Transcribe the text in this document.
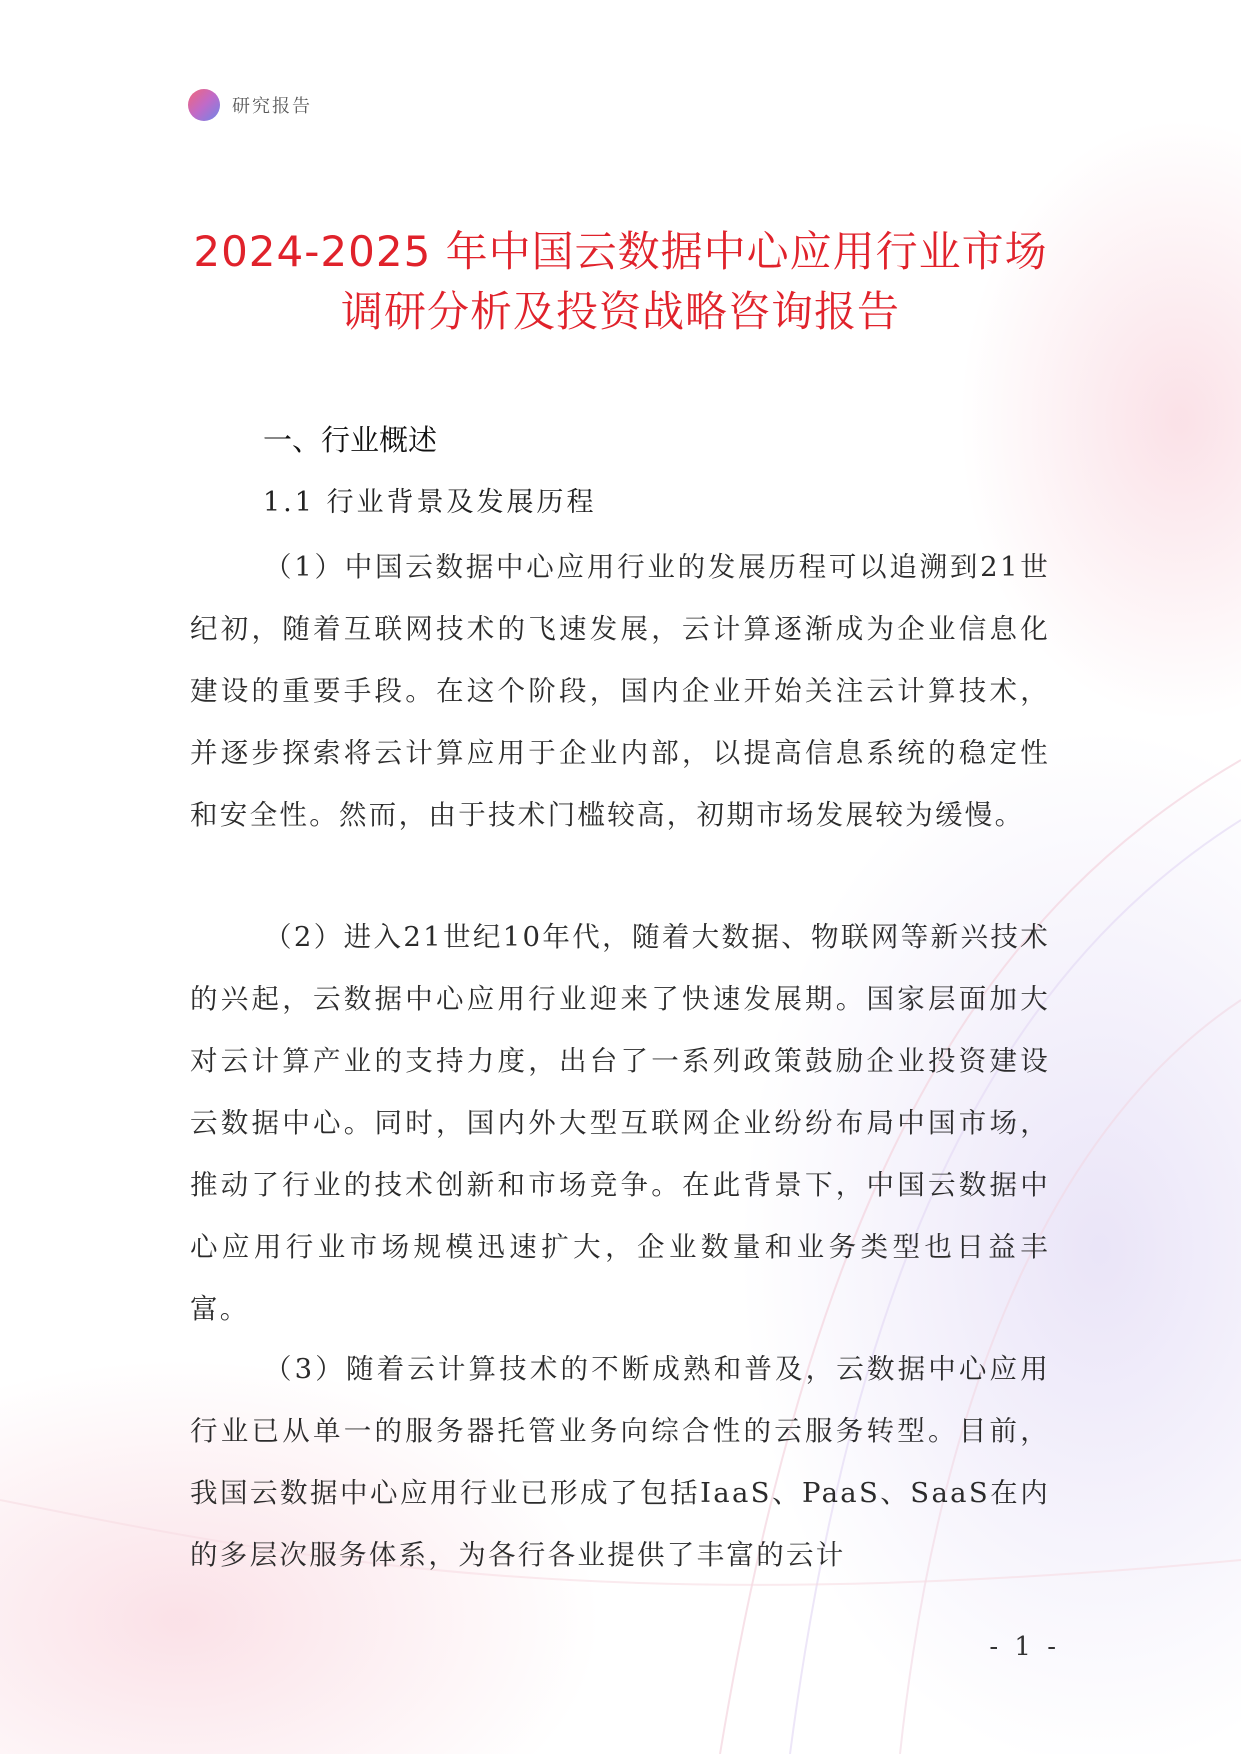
研究报告
2024-2025 年中国云数据中心应用行业市场
调研分析及投资战略咨询报告
一、行业概述
1.1 行业背景及发展历程

（1）中国云数据中心应用行业的发展历程可以追溯到21世纪初，随着互联网技术的飞速发展，云计算逐渐成为企业信息化建设的重要手段。在这个阶段，国内企业开始关注云计算技术，并逐步探索将云计算应用于企业内部，以提高信息系统的稳定性和安全性。然而，由于技术门槛较高，初期市场发展较为缓慢。

（2）进入21世纪10年代，随着大数据、物联网等新兴技术的兴起，云数据中心应用行业迎来了快速发展期。国家层面加大对云计算产业的支持力度，出台了一系列政策鼓励企业投资建设云数据中心。同时，国内外大型互联网企业纷纷布局中国市场，推动了行业的技术创新和市场竞争。在此背景下，中国云数据中心应用行业市场规模迅速扩大，企业数量和业务类型也日益丰富。

（3）随着云计算技术的不断成熟和普及，云数据中心应用行业已从单一的服务器托管业务向综合性的云服务转型。目前，我国云数据中心应用行业已形成了包括IaaS、PaaS、SaaS在内的多层次服务体系，为各行各业提供了丰富的云计

- 1 -
